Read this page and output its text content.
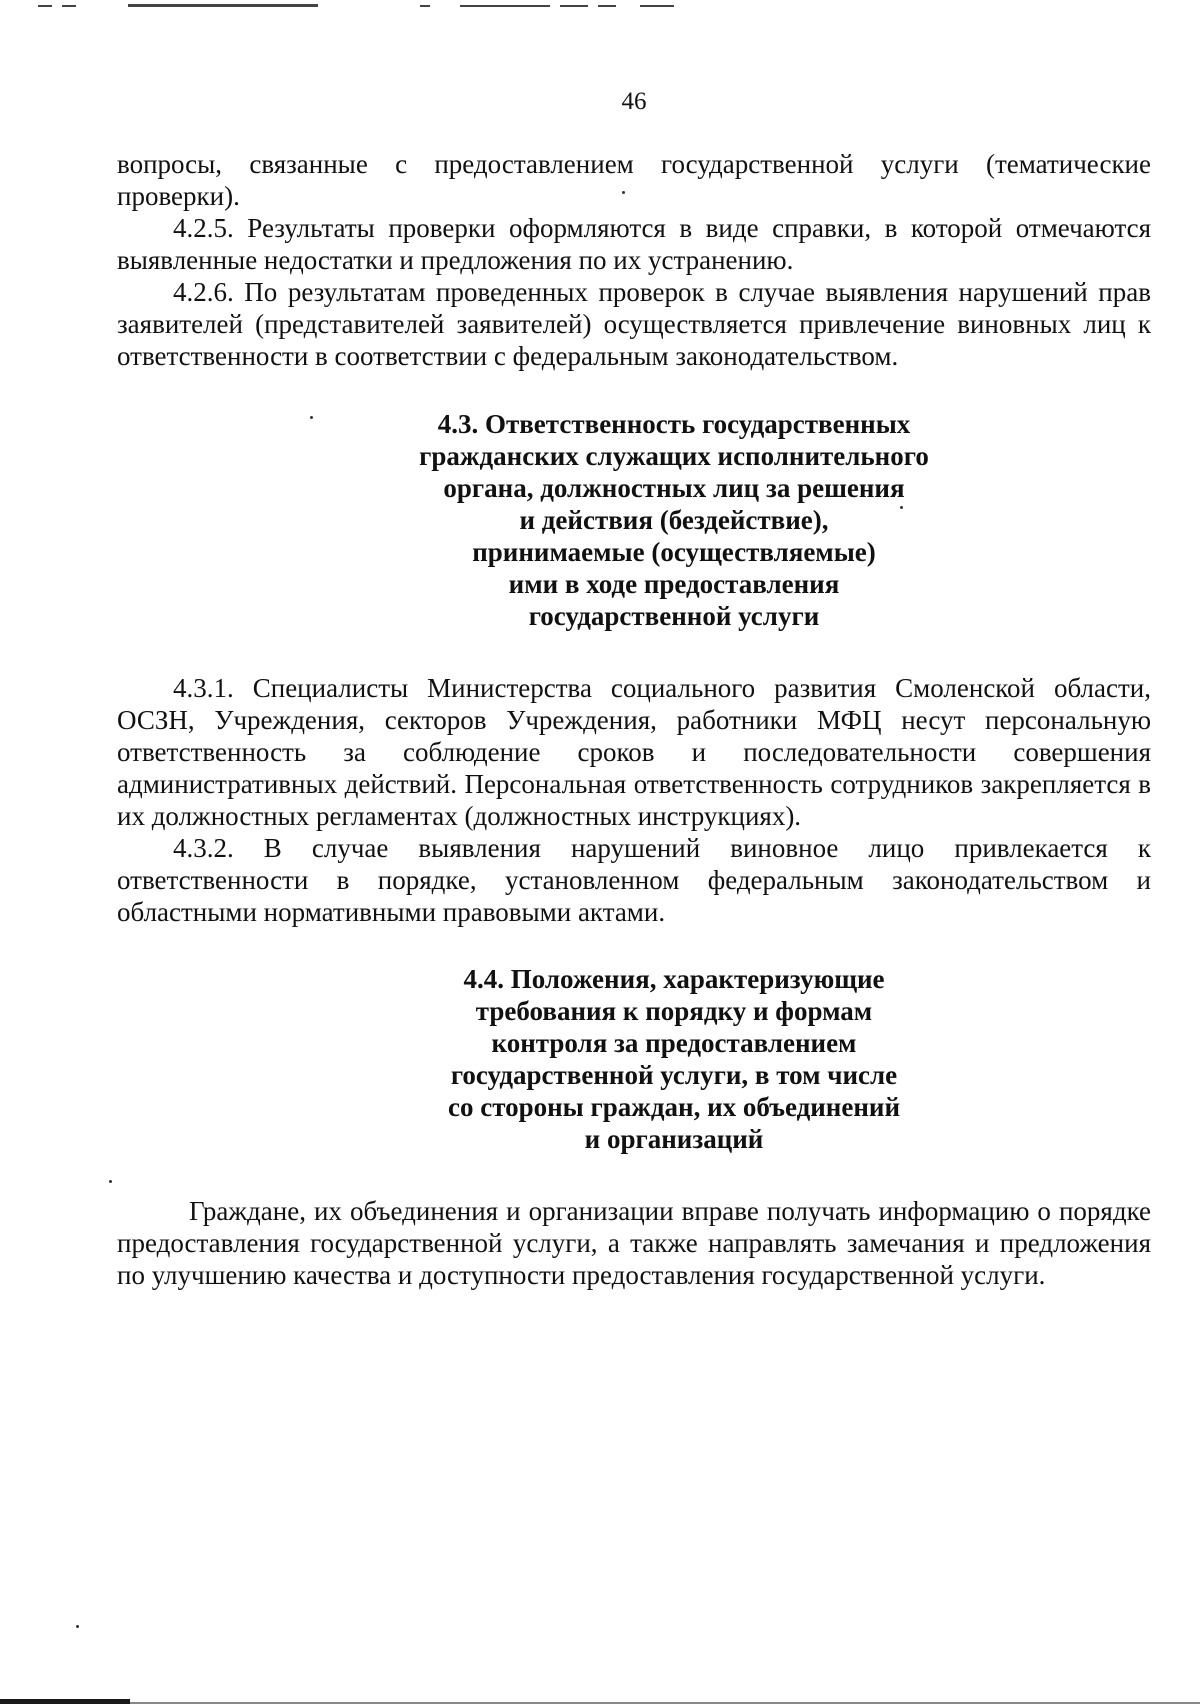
46

вопросы, связанные с предоставлением государственной услуги (тематические проверки).

4.2.5. Результаты проверки оформляются в виде справки, в которой отмечаются выявленные недостатки и предложения по их устранению.

4.2.6. По результатам проведенных проверок в случае выявления нарушений прав заявителей (представителей заявителей) осуществляется привлечение виновных лиц к ответственности в соответствии с федеральным законодательством.

4.3. Ответственность государственных
гражданских служащих исполнительного
органа, должностных лиц за решения
и действия (бездействие),
принимаемые (осуществляемые)
ими в ходе предоставления
государственной услуги

4.3.1. Специалисты Министерства социального развития Смоленской области, ОСЗН, Учреждения, секторов Учреждения, работники МФЦ несут персональную ответственность за соблюдение сроков и последовательности совершения административных действий. Персональная ответственность сотрудников закрепляется в их должностных регламентах (должностных инструкциях).

4.3.2. В случае выявления нарушений виновное лицо привлекается к ответственности в порядке, установленном федеральным законодательством и областными нормативными правовыми актами.

4.4. Положения, характеризующие
требования к порядку и формам
контроля за предоставлением
государственной услуги, в том числе
со стороны граждан, их объединений
и организаций

Граждане, их объединения и организации вправе получать информацию о порядке предоставления государственной услуги, а также направлять замечания и предложения по улучшению качества и доступности предоставления государственной услуги.
